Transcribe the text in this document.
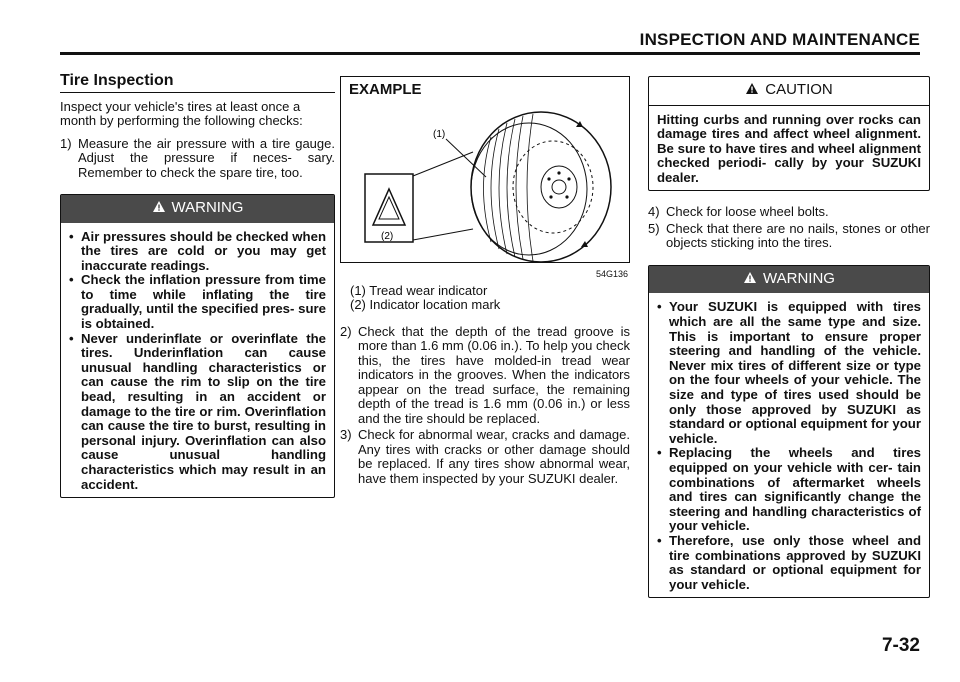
INSPECTION AND MAINTENANCE
Tire Inspection

Inspect your vehicle's tires at least once a month by performing the following checks:

1) Measure the air pressure with a tire gauge. Adjust the pressure if neces- sary. Remember to check the spare tire, too.
WARNING
• Air pressures should be checked when the tires are cold or you may get inaccurate readings.
• Check the inflation pressure from time to time while inflating the tire gradually, until the specified pres- sure is obtained.
• Never underinflate or overinflate the tires. Underinflation can cause unusual handling characteristics or can cause the rim to slip on the tire bead, resulting in an accident or damage to the tire or rim. Overinflation can cause the tire to burst, resulting in personal injury. Overinflation can also cause unusual handling characteristics which may result in an accident.
EXAMPLE
(1)
(2)
54G136

(1) Tread wear indicator

(2) Indicator location mark

2) Check that the depth of the tread groove is more than 1.6 mm (0.06 in.). To help you check this, the tires have molded-in tread wear indicators in the grooves. When the indicators appear on the tread surface, the remaining depth of the tread is 1.6 mm (0.06 in.) or less and the tire should be replaced.
3) Check for abnormal wear, cracks and damage. Any tires with cracks or other damage should be replaced. If any tires show abnormal wear, have them inspected by your SUZUKI dealer.
CAUTION

Hitting curbs and running over rocks can damage tires and affect wheel alignment. Be sure to have tires and wheel alignment checked periodi- cally by your SUZUKI dealer.

4) Check for loose wheel bolts.
5) Check that there are no nails, stones or other objects sticking into the tires.
WARNING
• Your SUZUKI is equipped with tires which are all the same type and size. This is important to ensure proper steering and handling of the vehicle. Never mix tires of different size or type on the four wheels of your vehicle. The size and type of tires used should be only those approved by SUZUKI as standard or optional equipment for your vehicle.
• Replacing the wheels and tires equipped on your vehicle with cer- tain combinations of aftermarket wheels and tires can significantly change the steering and handling characteristics of your vehicle.
• Therefore, use only those wheel and tire combinations approved by SUZUKI as standard or optional equipment for your vehicle.
7-32
